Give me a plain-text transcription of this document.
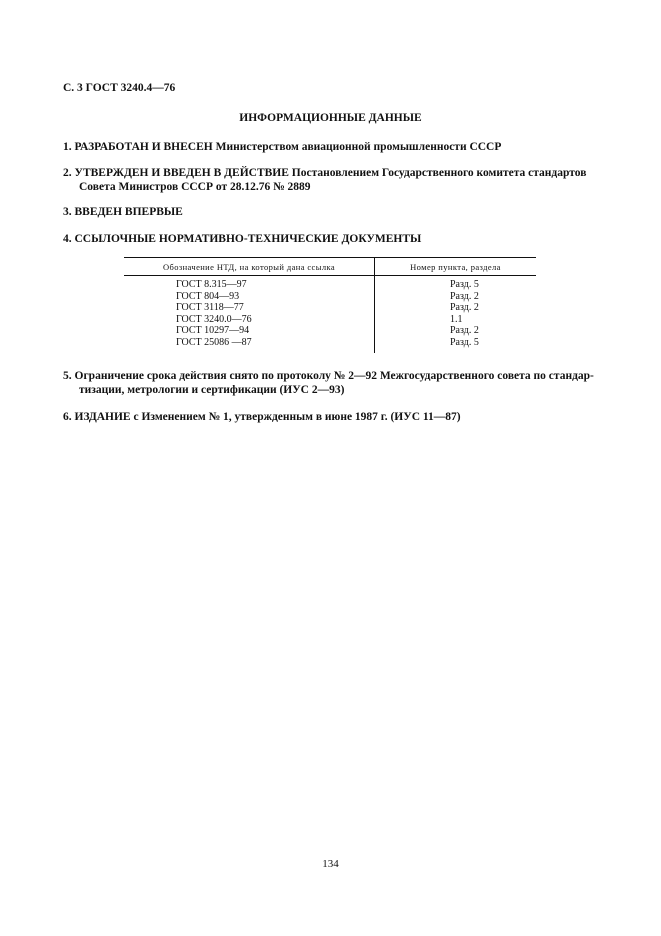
С. 3 ГОСТ 3240.4—76
ИНФОРМАЦИОННЫЕ ДАННЫЕ
1. РАЗРАБОТАН И ВНЕСЕН Министерством авиационной промышленности СССР
2. УТВЕРЖДЕН И ВВЕДЕН В ДЕЙСТВИЕ Постановлением Государственного комитета стандартов
Совета Министров СССР от 28.12.76 № 2889
3. ВВЕДЕН ВПЕРВЫЕ
4. ССЫЛОЧНЫЕ НОРМАТИВНО-ТЕХНИЧЕСКИЕ ДОКУМЕНТЫ
Обозначение НТД, на который дана ссылка	Номер пункта, раздела
ГОСТ 8.315—97	Разд. 5
ГОСТ 804—93	Разд. 2
ГОСТ 3118—77	Разд. 2
ГОСТ 3240.0—76	1.1
ГОСТ 10297—94	Разд. 2
ГОСТ 25086 —87	Разд. 5
5. Ограничение срока действия снято по протоколу № 2—92 Межгосударственного совета по стандар-
тизации, метрологии и сертификации (ИУС 2—93)
6. ИЗДАНИЕ с Изменением № 1, утвержденным в июне 1987 г. (ИУС 11—87)
134
